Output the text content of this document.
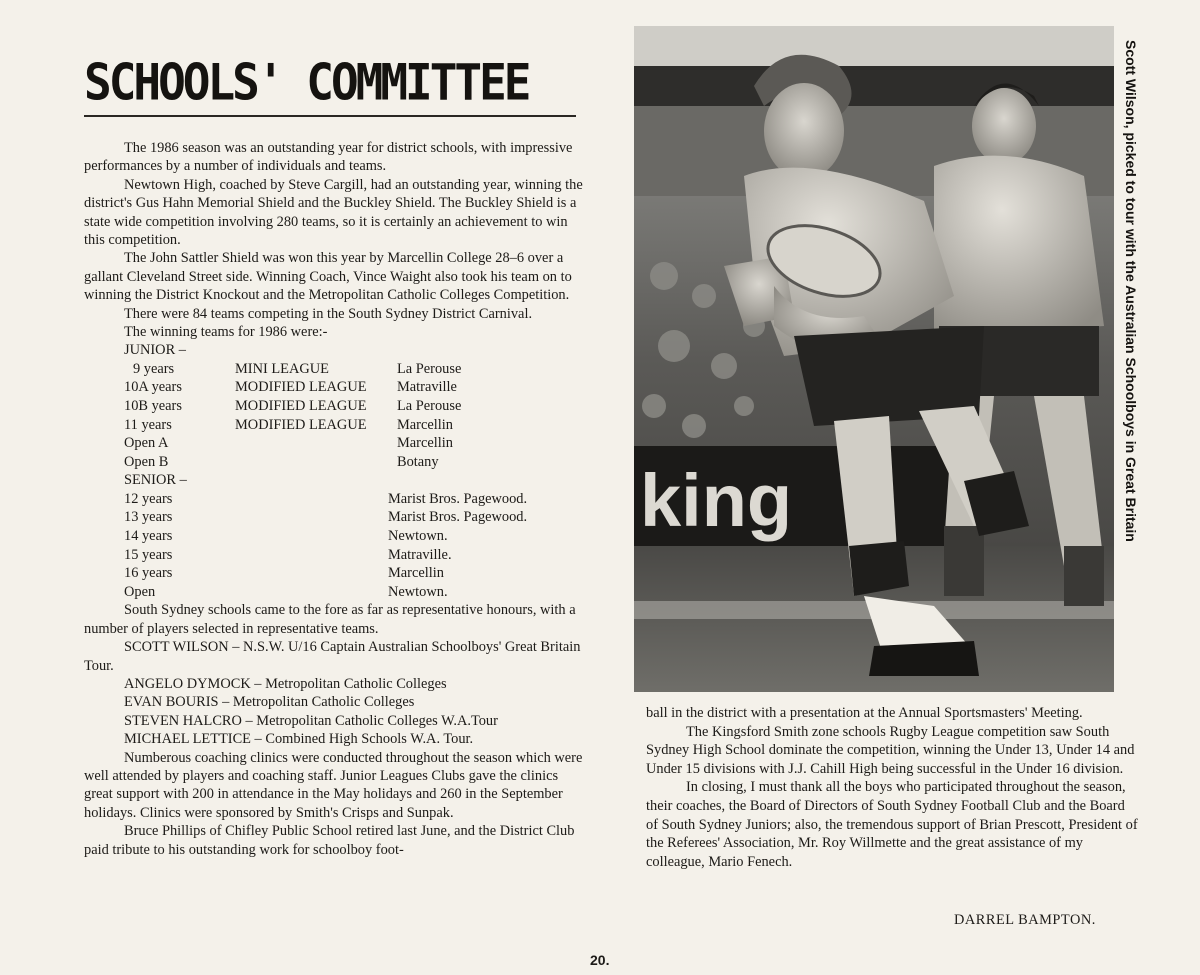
SCHOOLS' COMMITTEE

The 1986 season was an outstanding year for district schools, with impressive performances by a number of individuals and teams.

Newtown High, coached by Steve Cargill, had an outstanding year, winning the district's Gus Hahn Memorial Shield and the Buckley Shield. The Buckley Shield is a state wide competition involving 280 teams, so it is certainly an achievement to win this competition.

The John Sattler Shield was won this year by Marcellin College 28–6 over a gallant Cleveland Street side. Winning Coach, Vince Waight also took his team on to winning the District Knockout and the Metropolitan Catholic Colleges Competition.

There were 84 teams competing in the South Sydney District Carnival.

The winning teams for 1986 were:-

JUNIOR –

9 years	MINI LEAGUE	La Perouse
10A years	MODIFIED LEAGUE	Matraville
10B years	MODIFIED LEAGUE	La Perouse
11 years	MODIFIED LEAGUE	Marcellin
Open A		Marcellin
Open B		Botany

SENIOR –

12 years		Marist Bros. Pagewood.
13 years		Marist Bros. Pagewood.
14 years		Newtown.
15 years		Matraville.
16 years		Marcellin
Open		Newtown.

South Sydney schools came to the fore as far as representative honours, with a number of players selected in representative teams.

SCOTT WILSON – N.S.W. U/16 Captain Australian Schoolboys' Great Britain Tour.

ANGELO DYMOCK – Metropolitan Catholic Colleges

EVAN BOURIS – Metropolitan Catholic Colleges

STEVEN HALCRO – Metropolitan Catholic Colleges W.A.Tour

MICHAEL LETTICE – Combined High Schools W.A. Tour.

Numberous coaching clinics were conducted throughout the season which were well attended by players and coaching staff. Junior Leagues Clubs gave the clinics great support with 200 in attendance in the May holidays and 260 in the September holidays. Clinics were sponsored by Smith's Crisps and Sunpak.

Bruce Phillips of Chifley Public School retired last June, and the District Club paid tribute to his outstanding work for schoolboy foot-

king	Scott Wilson, picked to tour with the Australian Schoolboys in Great Britain

ball in the district with a presentation at the Annual Sportsmasters' Meeting.

The Kingsford Smith zone schools Rugby League competition saw South Sydney High School dominate the competition, winning the Under 13, Under 14 and Under 15 divisions with J.J. Cahill High being successful in the Under 16 division.

In closing, I must thank all the boys who participated throughout the season, their coaches, the Board of Directors of South Sydney Football Club and the Board of South Sydney Juniors; also, the tremendous support of Brian Prescott, President of the Referees' Association, Mr. Roy Willmette and the great assistance of my colleague, Mario Fenech.

DARREL BAMPTON.
20.
